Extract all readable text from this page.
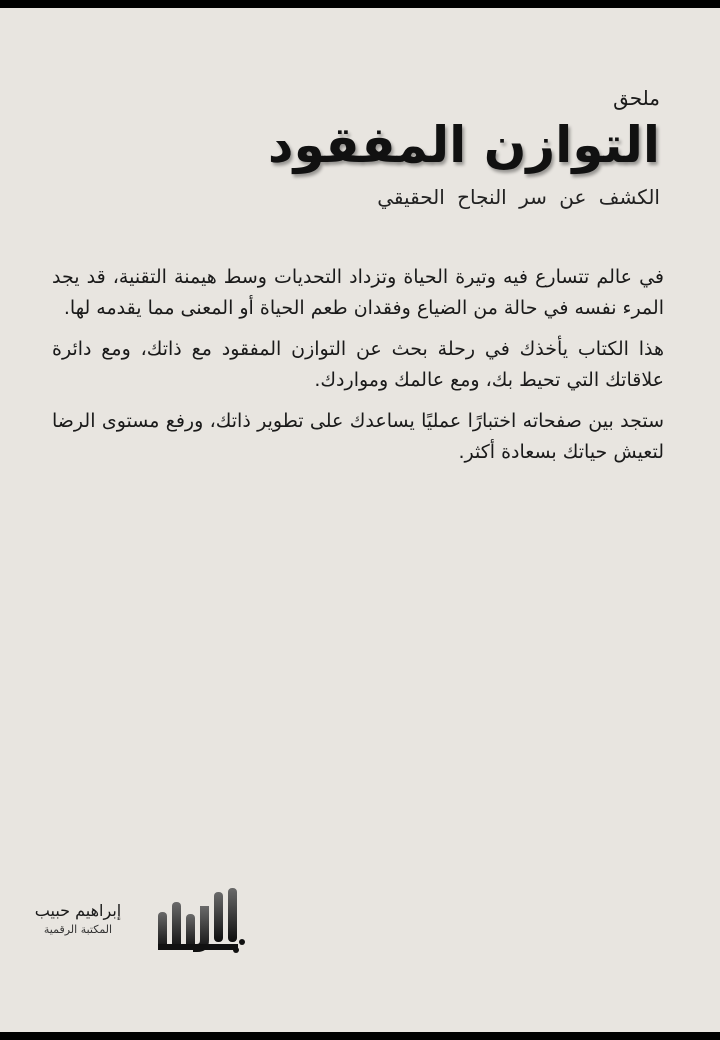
ملحق
التوازن المفقود
الكشف عن سر النجاح الحقيقي

في عالم تتسارع فيه وتيرة الحياة وتزداد التحديات وسط هيمنة التقنية، قد يجد المرء نفسه في حالة من الضياع وفقدان طعم الحياة أو المعنى مما يقدمه لها.

هذا الكتاب يأخذك في رحلة بحث عن التوازن المفقود مع ذاتك، ومع دائرة علاقاتك التي تحيط بك، ومع عالمك ومواردك.

ستجد بين صفحاته اختبارًا عمليًا يساعدك على تطوير ذاتك، ورفع مستوى الرضا لتعيش حياتك بسعادة أكثر.

إبراهيم حبيب
المكتبة الرقمية
